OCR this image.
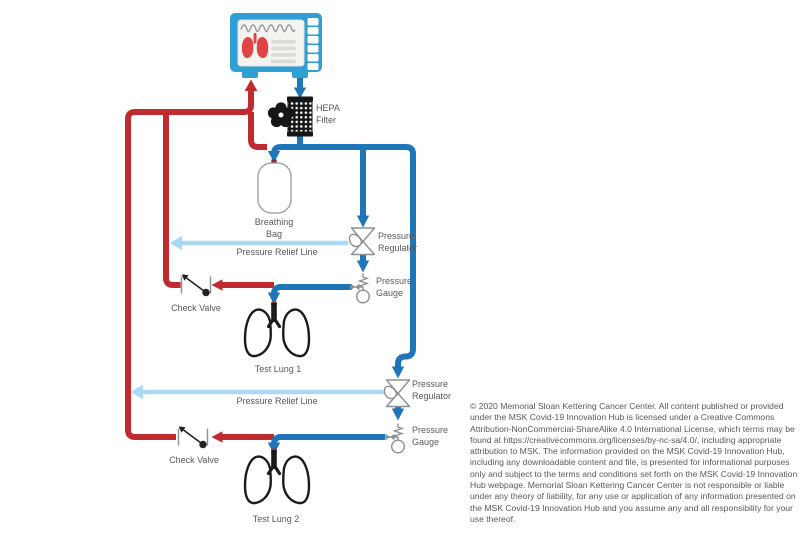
HEPA
Filter
Breathing
Bag	Pressure
Regulator
Pressure Relief Line
Pressure
Gauge
Check Valve
Test Lung 1
Pressure
Regulator
Pressure Relief Line
Pressure
Gauge
Check Valve
Test Lung 2
© 2020 Memorial Sloan Kettering Cancer Center. All content published or provided under the MSK Covid-19 Innovation Hub is licensed under a Creative Commons Attribution-NonCommercial-ShareAlike 4.0 International License, which terms may be found at https://creativecommons.org/licenses/by-nc-sa/4.0/, including appropriate attribution to MSK. The information provided on the MSK Covid-19 Innovation Hub, including any downloadable content and file, is presented for informational purposes only and subject to the terms and conditions set forth on the MSK Covid-19 Innovation Hub webpage. Memorial Sloan Kettering Cancer Center is not responsible or liable under any theory of liability, for any use or application of any information presented on the MSK Covid-19 Innovation Hub and you assume any and all responsibility for your use thereof.
